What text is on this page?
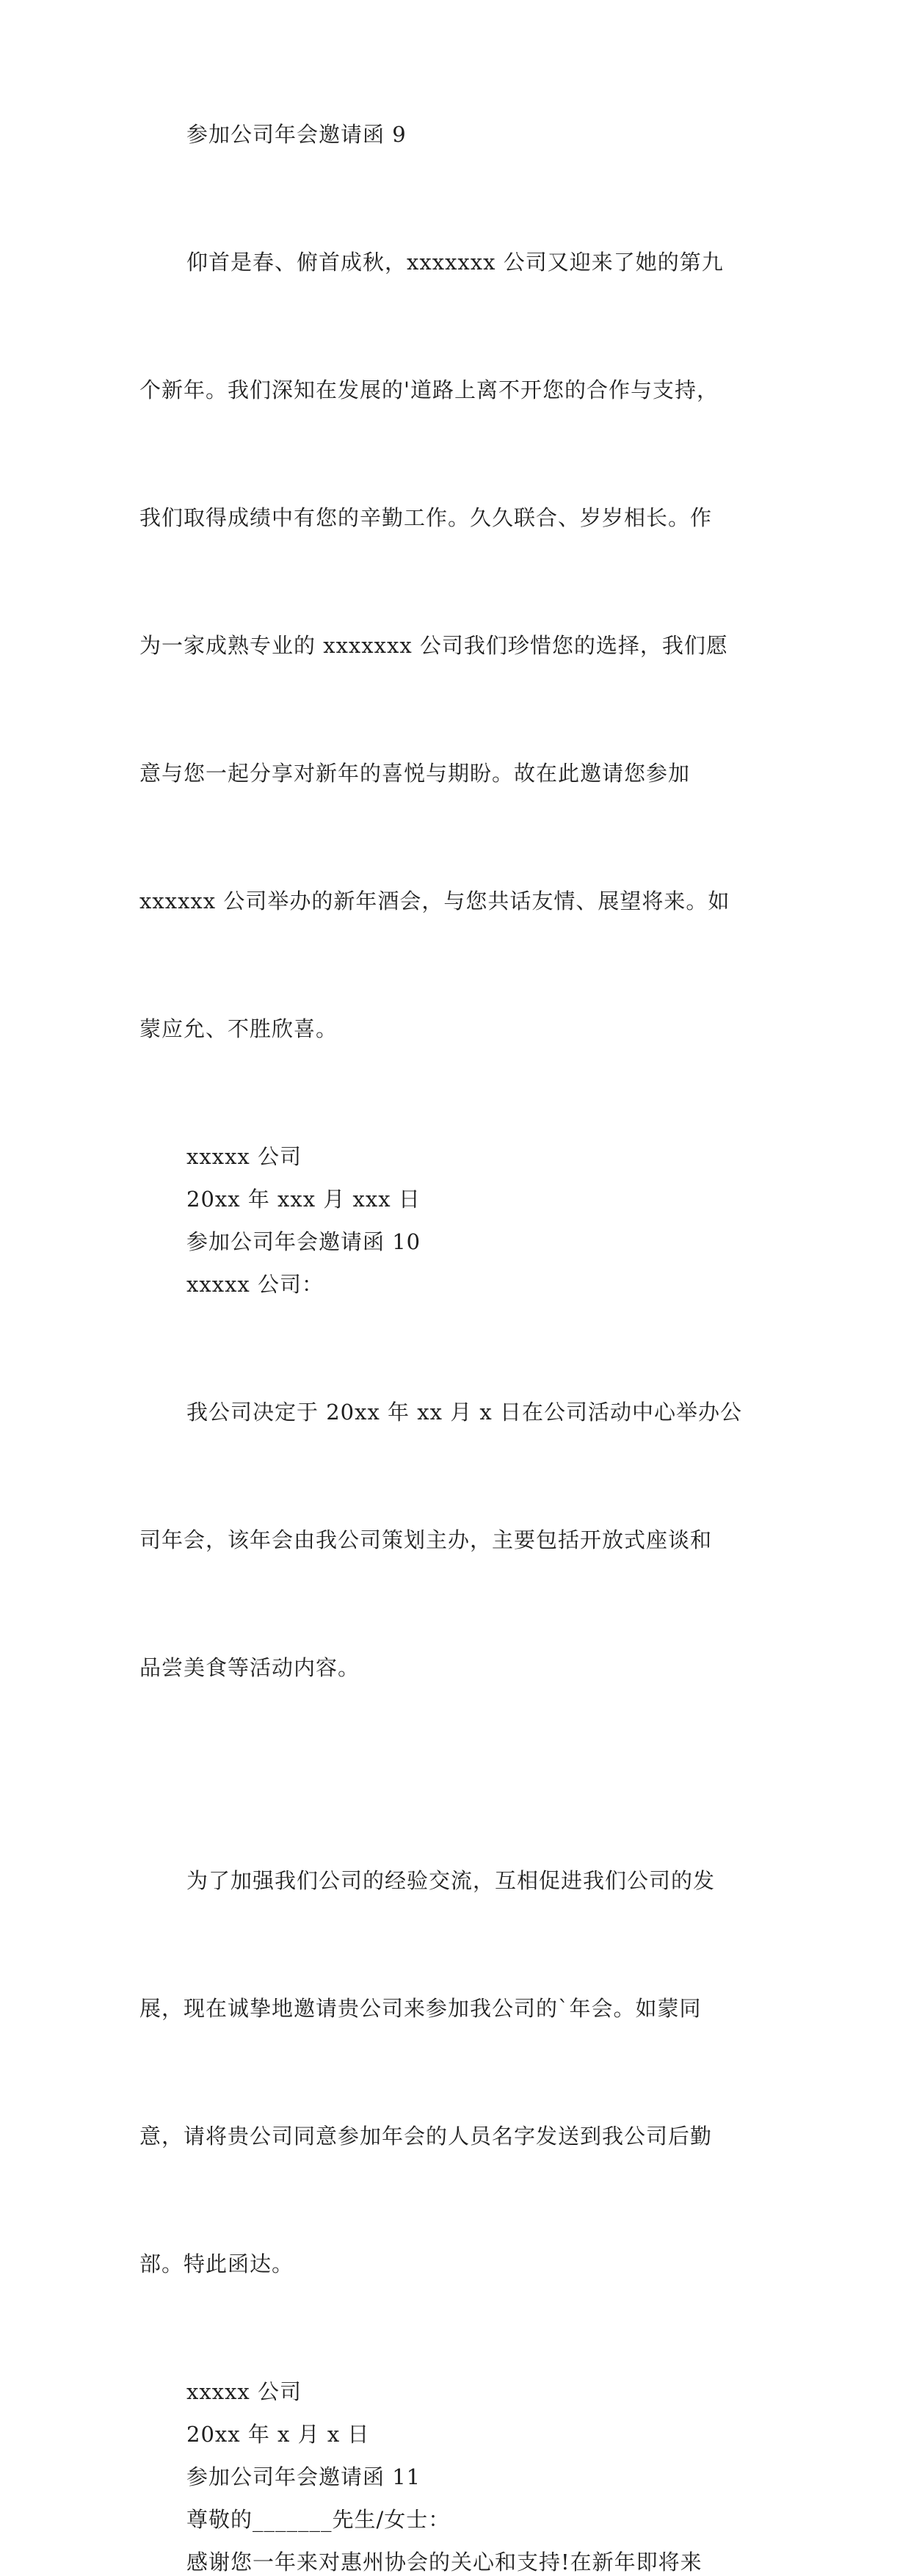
参加公司年会邀请函 9

仰首是春、俯首成秋，xxxxxxx 公司又迎来了她的第九

个新年。我们深知在发展的'道路上离不开您的合作与支持，

我们取得成绩中有您的辛勤工作。久久联合、岁岁相长。作

为一家成熟专业的 xxxxxxx 公司我们珍惜您的选择，我们愿

意与您一起分享对新年的喜悦与期盼。故在此邀请您参加

xxxxxx 公司举办的新年酒会，与您共话友情、展望将来。如

蒙应允、不胜欣喜。

xxxxx 公司

20xx 年 xxx 月 xxx 日

参加公司年会邀请函 10

xxxxx 公司：

我公司决定于 20xx 年 xx 月 x 日在公司活动中心举办公

司年会，该年会由我公司策划主办，主要包括开放式座谈和

品尝美食等活动内容。

为了加强我们公司的经验交流，互相促进我们公司的发

展，现在诚挚地邀请贵公司来参加我公司的`年会。如蒙同

意，请将贵公司同意参加年会的人员名字发送到我公司后勤

部。特此函达。

xxxxx 公司

20xx 年 x 月 x 日

参加公司年会邀请函 11

尊敬的_______先生/女士：

感谢您一年来对惠州协会的关心和支持!在新年即将来
